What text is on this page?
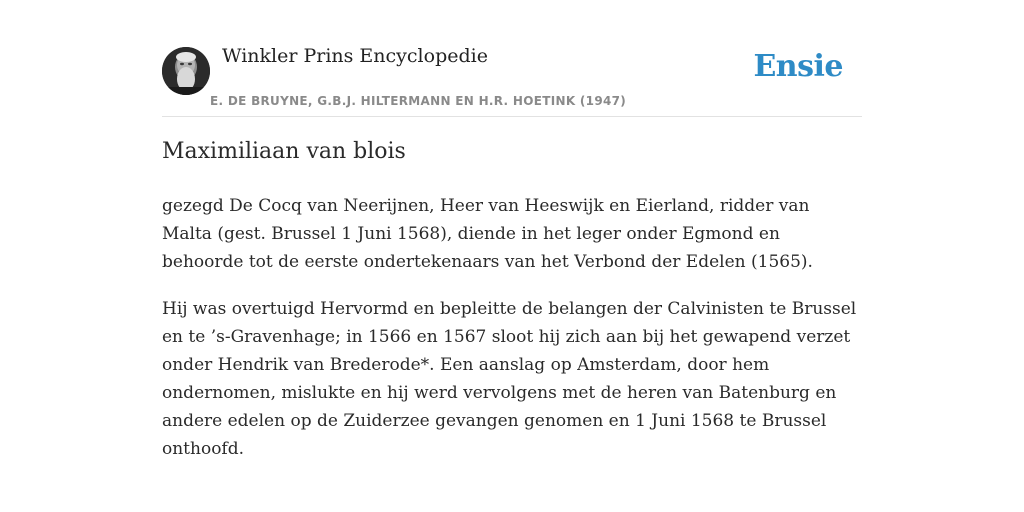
Winkler Prins Encyclopedie
E. DE BRUYNE, G.B.J. HILTERMANN EN H.R. HOETINK (1947)
Ensie
Maximiliaan van blois

gezegd De Cocq van Neerijnen, Heer van Heeswijk en Eierland, ridder van Malta (gest. Brussel 1 Juni 1568), diende in het leger onder Egmond en behoorde tot de eerste ondertekenaars van het Verbond der Edelen (1565).

Hij was overtuigd Hervormd en bepleitte de belangen der Calvinisten te Brussel en te ’s-Gravenhage; in 1566 en 1567 sloot hij zich aan bij het gewapend verzet onder Hendrik van Brederode*. Een aanslag op Amsterdam, door hem ondernomen, mislukte en hij werd vervolgens met de heren van Batenburg en andere edelen op de Zuiderzee gevangen genomen en 1 Juni 1568 te Brussel onthoofd.
